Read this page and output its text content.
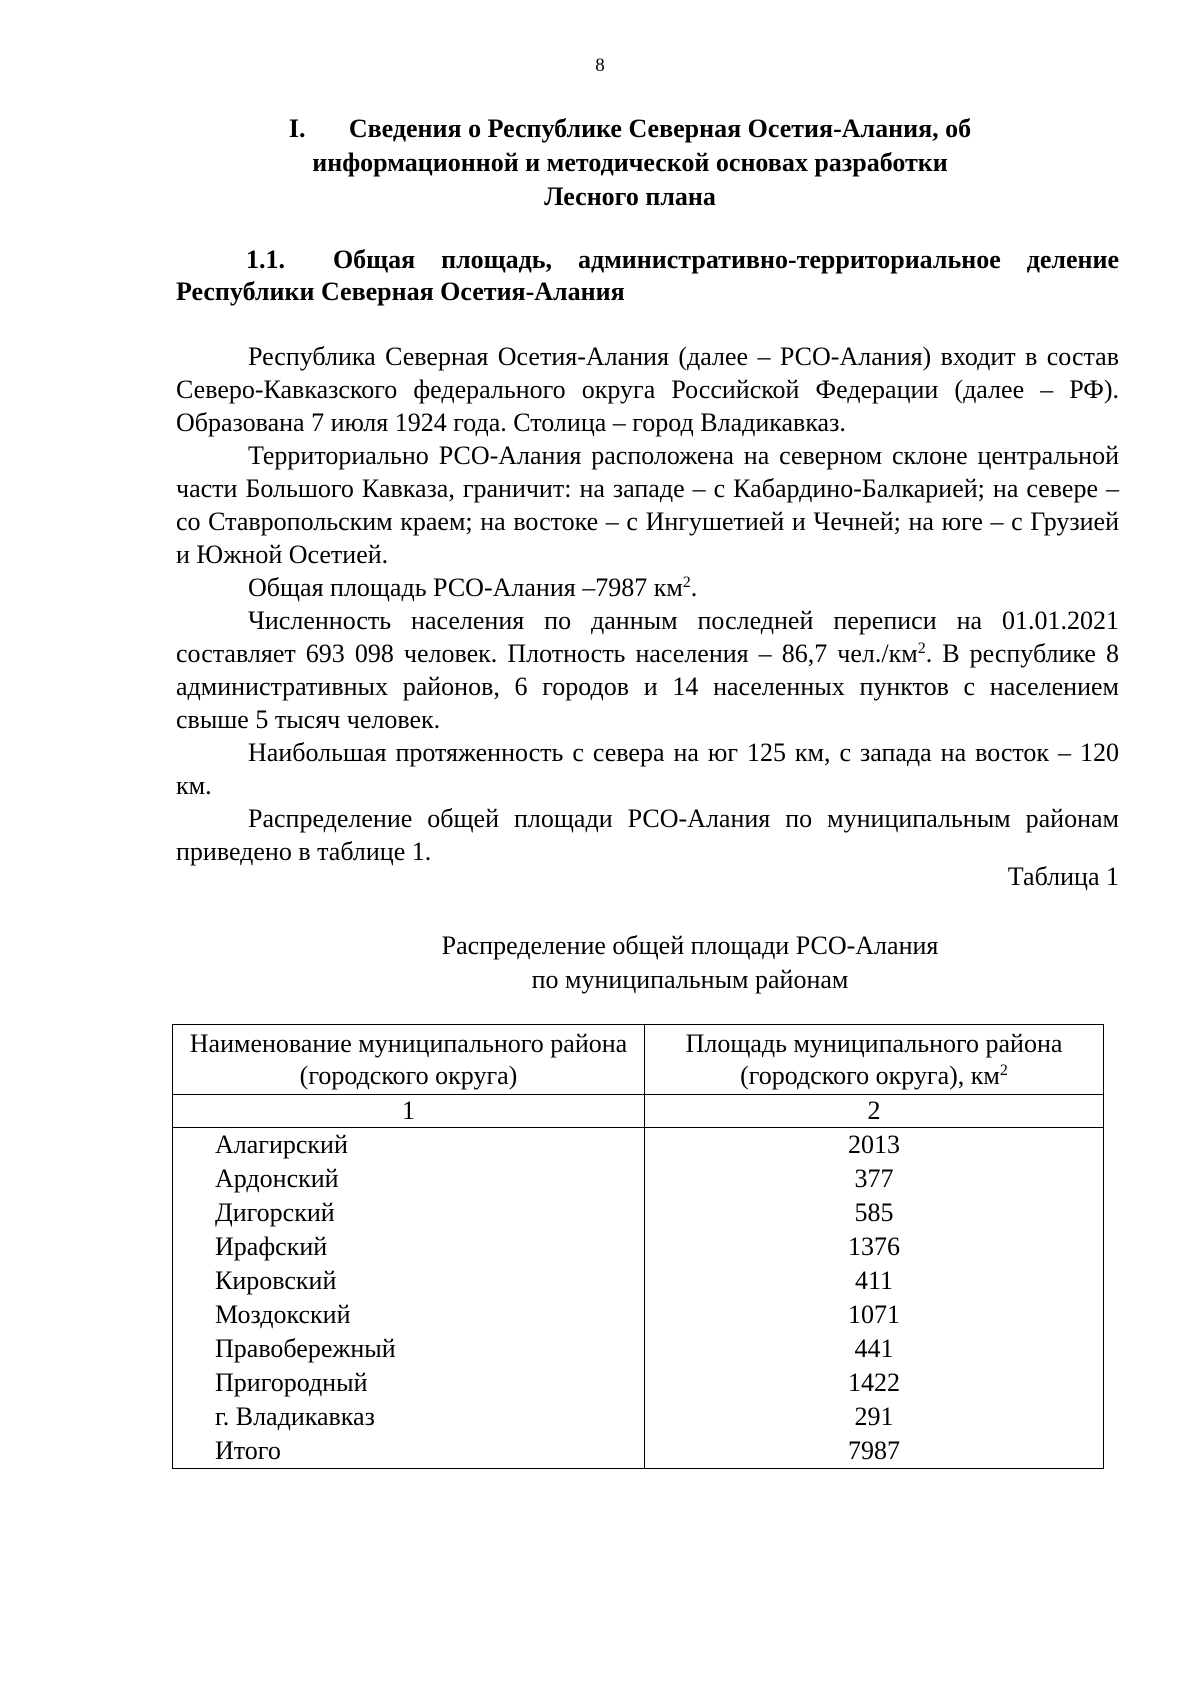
8
I. Сведения о Республике Северная Осетия-Алания, об
информационной и методической основах разработки
Лесного плана
1.1. Общая площадь, административно-территориальное деление
Республики Северная Осетия-Алания

Республика Северная Осетия-Алания (далее – РСО-Алания) входит в состав Северо-Кавказского федерального округа Российской Федерации (далее – РФ). Образована 7 июля 1924 года. Столица – город Владикавказ.

Территориально РСО-Алания расположена на северном склоне центральной части Большого Кавказа, граничит: на западе – с Кабардино-Балкарией; на севере – со Ставропольским краем; на востоке – с Ингушетией и Чечней; на юге – с Грузией и Южной Осетией.

Общая площадь РСО-Алания –7987 $км^2$.

Численность населения по данным последней переписи на 01.01.2021 составляет 693 098 человек. Плотность населения – 86,7 $чел./км^2$. В республике 8 административных районов, 6 городов и 14 населенных пунктов с населением свыше 5 тысяч человек.

Наибольшая протяженность с севера на юг 125 км, с запада на восток – 120 км.

Распределение общей площади РСО-Алания по муниципальным районам приведено в таблице 1.

Таблица 1
Распределение общей площади РСО-Алания
по муниципальным районам
Наименование муниципального района (городского округа)	Площадь муниципального района (городского округа), $км^2$
1	2
Алагирский	2013
Ардонский	377
Дигорский	585
Ирафский	1376
Кировский	411
Моздокский	1071
Правобережный	441
Пригородный	1422
г. Владикавказ	291
Итого	7987
